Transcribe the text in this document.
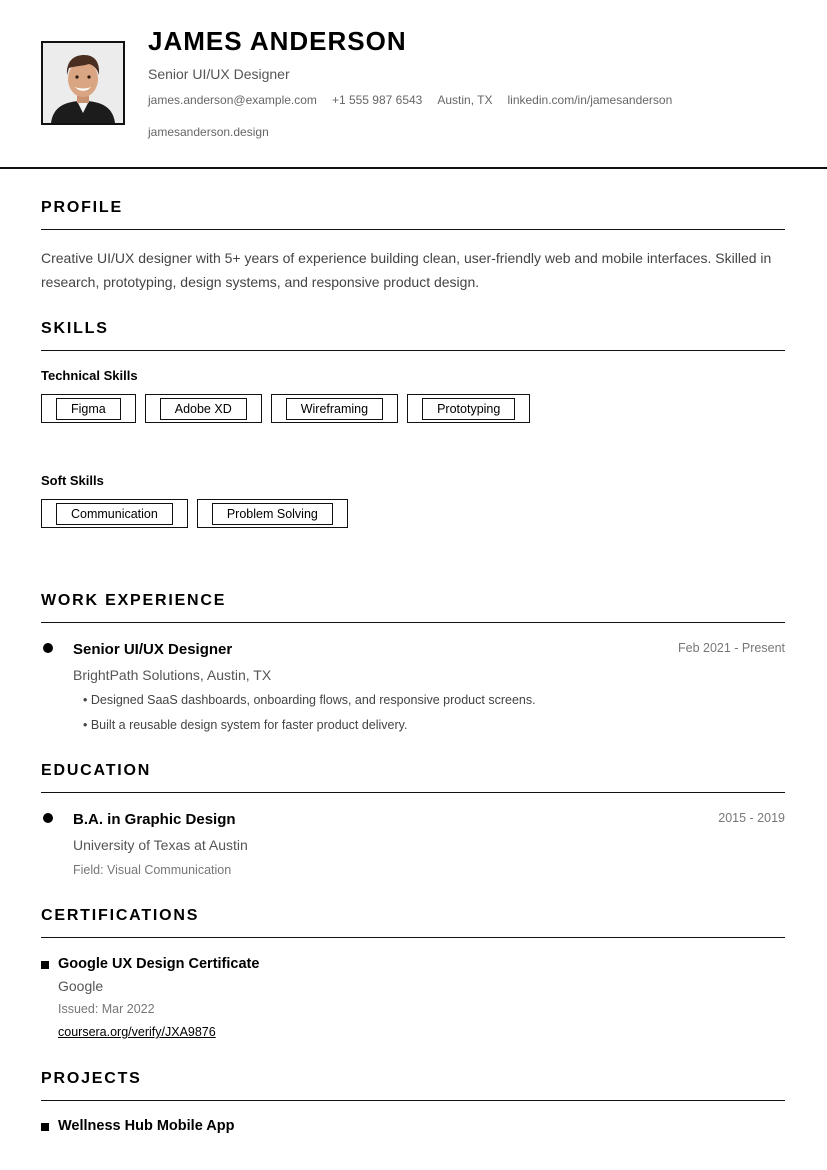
JAMES ANDERSON
Senior UI/UX Designer
james.anderson@example.com +1 555 987 6543 Austin, TX linkedin.com/in/jamesanderson
jamesanderson.design
PROFILE
Creative UI/UX designer with 5+ years of experience building clean, user-friendly web and mobile interfaces. Skilled in research, prototyping, design systems, and responsive product design.
SKILLS
Technical Skills
Figma	Adobe XD	Wireframing	Prototyping
Soft Skills
Communication	Problem Solving
WORK EXPERIENCE
Senior UI/UX Designer	Feb 2021 - Present
BrightPath Solutions, Austin, TX
• Designed SaaS dashboards, onboarding flows, and responsive product screens.
• Built a reusable design system for faster product delivery.
EDUCATION
B.A. in Graphic Design	2015 - 2019
University of Texas at Austin
Field: Visual Communication
CERTIFICATIONS
Google UX Design Certificate
Google
Issued: Mar 2022
coursera.org/verify/JXA9876
PROJECTS
Wellness Hub Mobile App
